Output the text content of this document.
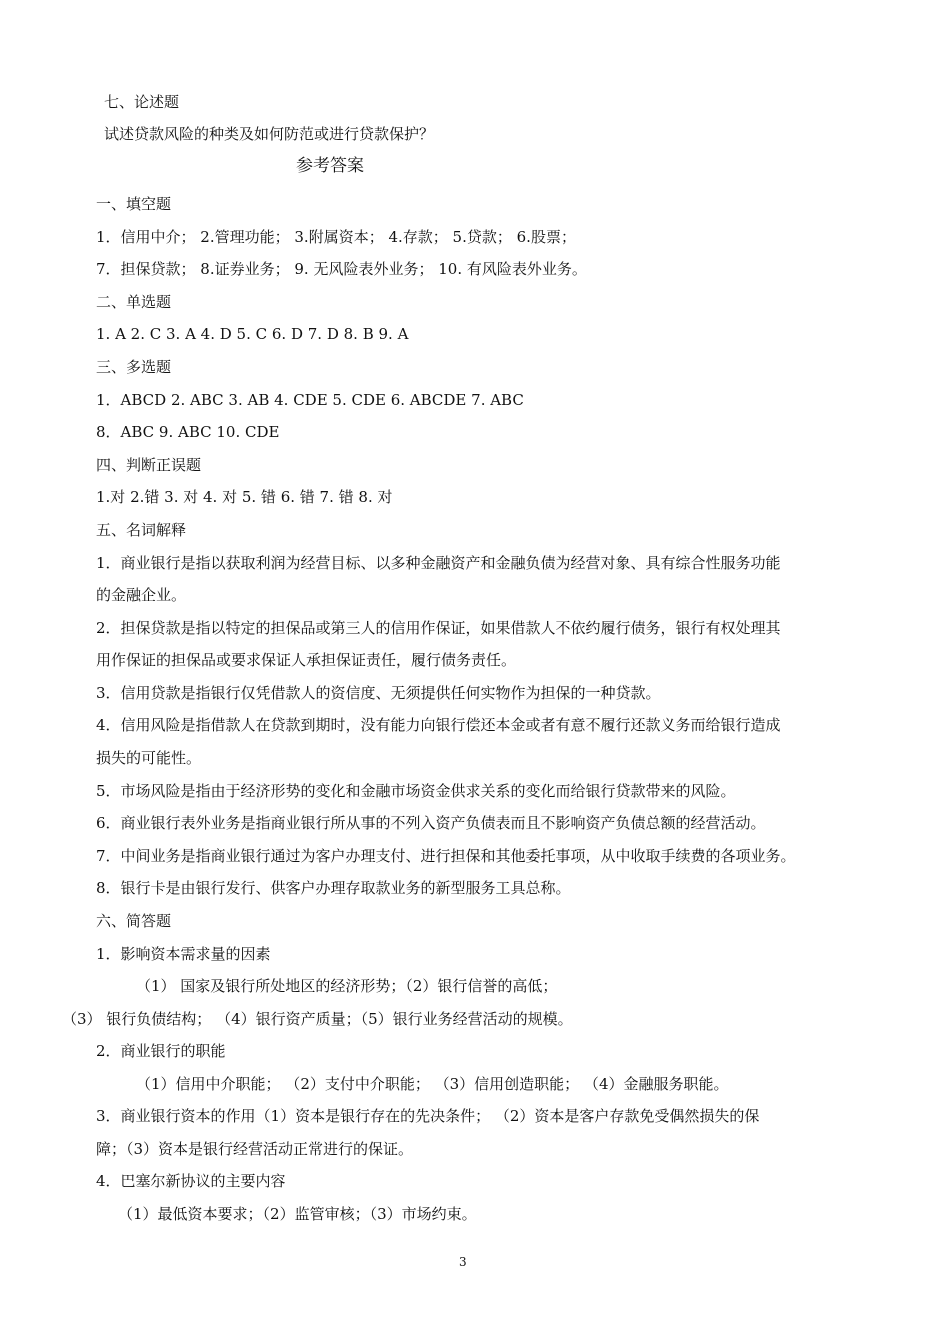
七、论述题
试述贷款风险的种类及如何防范或进行贷款保护？
参考答案
一、填空题
1．信用中介； 2.管理功能； 3.附属资本； 4.存款； 5.贷款； 6.股票；
7．担保贷款； 8.证券业务； 9. 无风险表外业务； 10. 有风险表外业务。
二、单选题
1. A 2. C 3. A 4. D 5. C 6. D 7. D 8. B 9. A
三、多选题
1．ABCD 2. ABC 3. AB 4. CDE 5. CDE 6. ABCDE 7. ABC
8．ABC 9. ABC 10. CDE
四、判断正误题
1.对 2.错 3. 对 4. 对 5. 错 6. 错 7. 错 8. 对
五、名词解释
1．商业银行是指以获取利润为经营目标、以多种金融资产和金融负债为经营对象、具有综合性服务功能
的金融企业。
2．担保贷款是指以特定的担保品或第三人的信用作保证，如果借款人不依约履行债务，银行有权处理其
用作保证的担保品或要求保证人承担保证责任，履行债务责任。
3．信用贷款是指银行仅凭借款人的资信度、无须提供任何实物作为担保的一种贷款。
4．信用风险是指借款人在贷款到期时，没有能力向银行偿还本金或者有意不履行还款义务而给银行造成
损失的可能性。
5．市场风险是指由于经济形势的变化和金融市场资金供求关系的变化而给银行贷款带来的风险。
6．商业银行表外业务是指商业银行所从事的不列入资产负债表而且不影响资产负债总额的经营活动。
7．中间业务是指商业银行通过为客户办理支付、进行担保和其他委托事项，从中收取手续费的各项业务。
8．银行卡是由银行发行、供客户办理存取款业务的新型服务工具总称。
六、简答题
1．影响资本需求量的因素
（1） 国家及银行所处地区的经济形势；（2）银行信誉的高低；
（3） 银行负债结构； （4）银行资产质量；（5）银行业务经营活动的规模。
2．商业银行的职能
（1）信用中介职能； （2）支付中介职能； （3）信用创造职能； （4）金融服务职能。
3．商业银行资本的作用（1）资本是银行存在的先决条件； （2）资本是客户存款免受偶然损失的保
障；（3）资本是银行经营活动正常进行的保证。
4．巴塞尔新协议的主要内容
（1）最低资本要求；（2）监管审核；（3）市场约束。
3
